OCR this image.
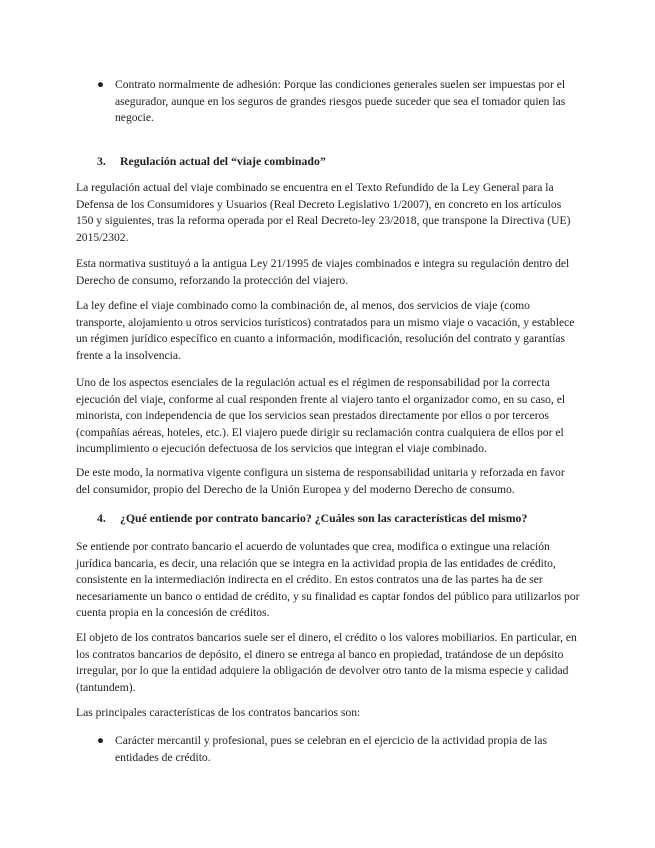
● Contrato normalmente de adhesión: Porque las condiciones generales suelen ser impuestas por el asegurador, aunque en los seguros de grandes riesgos puede suceder que sea el tomador quien las negocie.
3. Regulación actual del “viaje combinado”

La regulación actual del viaje combinado se encuentra en el Texto Refundido de la Ley General para la Defensa de los Consumidores y Usuarios (Real Decreto Legislativo 1/2007), en concreto en los artículos 150 y siguientes, tras la reforma operada por el Real Decreto-ley 23/2018, que transpone la Directiva (UE) 2015/2302.

Esta normativa sustituyó a la antigua Ley 21/1995 de viajes combinados e integra su regulación dentro del Derecho de consumo, reforzando la protección del viajero.

La ley define el viaje combinado como la combinación de, al menos, dos servicios de viaje (como transporte, alojamiento u otros servicios turísticos) contratados para un mismo viaje o vacación, y establece un régimen jurídico específico en cuanto a información, modificación, resolución del contrato y garantías frente a la insolvencia.

Uno de los aspectos esenciales de la regulación actual es el régimen de responsabilidad por la correcta ejecución del viaje, conforme al cual responden frente al viajero tanto el organizador como, en su caso, el minorista, con independencia de que los servicios sean prestados directamente por ellos o por terceros (compañías aéreas, hoteles, etc.). El viajero puede dirigir su reclamación contra cualquiera de ellos por el incumplimiento o ejecución defectuosa de los servicios que integran el viaje combinado.

De este modo, la normativa vigente configura un sistema de responsabilidad unitaria y reforzada en favor del consumidor, propio del Derecho de la Unión Europea y del moderno Derecho de consumo.

4. ¿Qué entiende por contrato bancario? ¿Cuáles son las características del mismo?

Se entiende por contrato bancario el acuerdo de voluntades que crea, modifica o extingue una relación jurídica bancaria, es decir, una relación que se integra en la actividad propia de las entidades de crédito, consistente en la intermediación indirecta en el crédito. En estos contratos una de las partes ha de ser necesariamente un banco o entidad de crédito, y su finalidad es captar fondos del público para utilizarlos por cuenta propia en la concesión de créditos.

El objeto de los contratos bancarios suele ser el dinero, el crédito o los valores mobiliarios. En particular, en los contratos bancarios de depósito, el dinero se entrega al banco en propiedad, tratándose de un depósito irregular, por lo que la entidad adquiere la obligación de devolver otro tanto de la misma especie y calidad (tantundem).

Las principales características de los contratos bancarios son:

● Carácter mercantil y profesional, pues se celebran en el ejercicio de la actividad propia de las entidades de crédito.
